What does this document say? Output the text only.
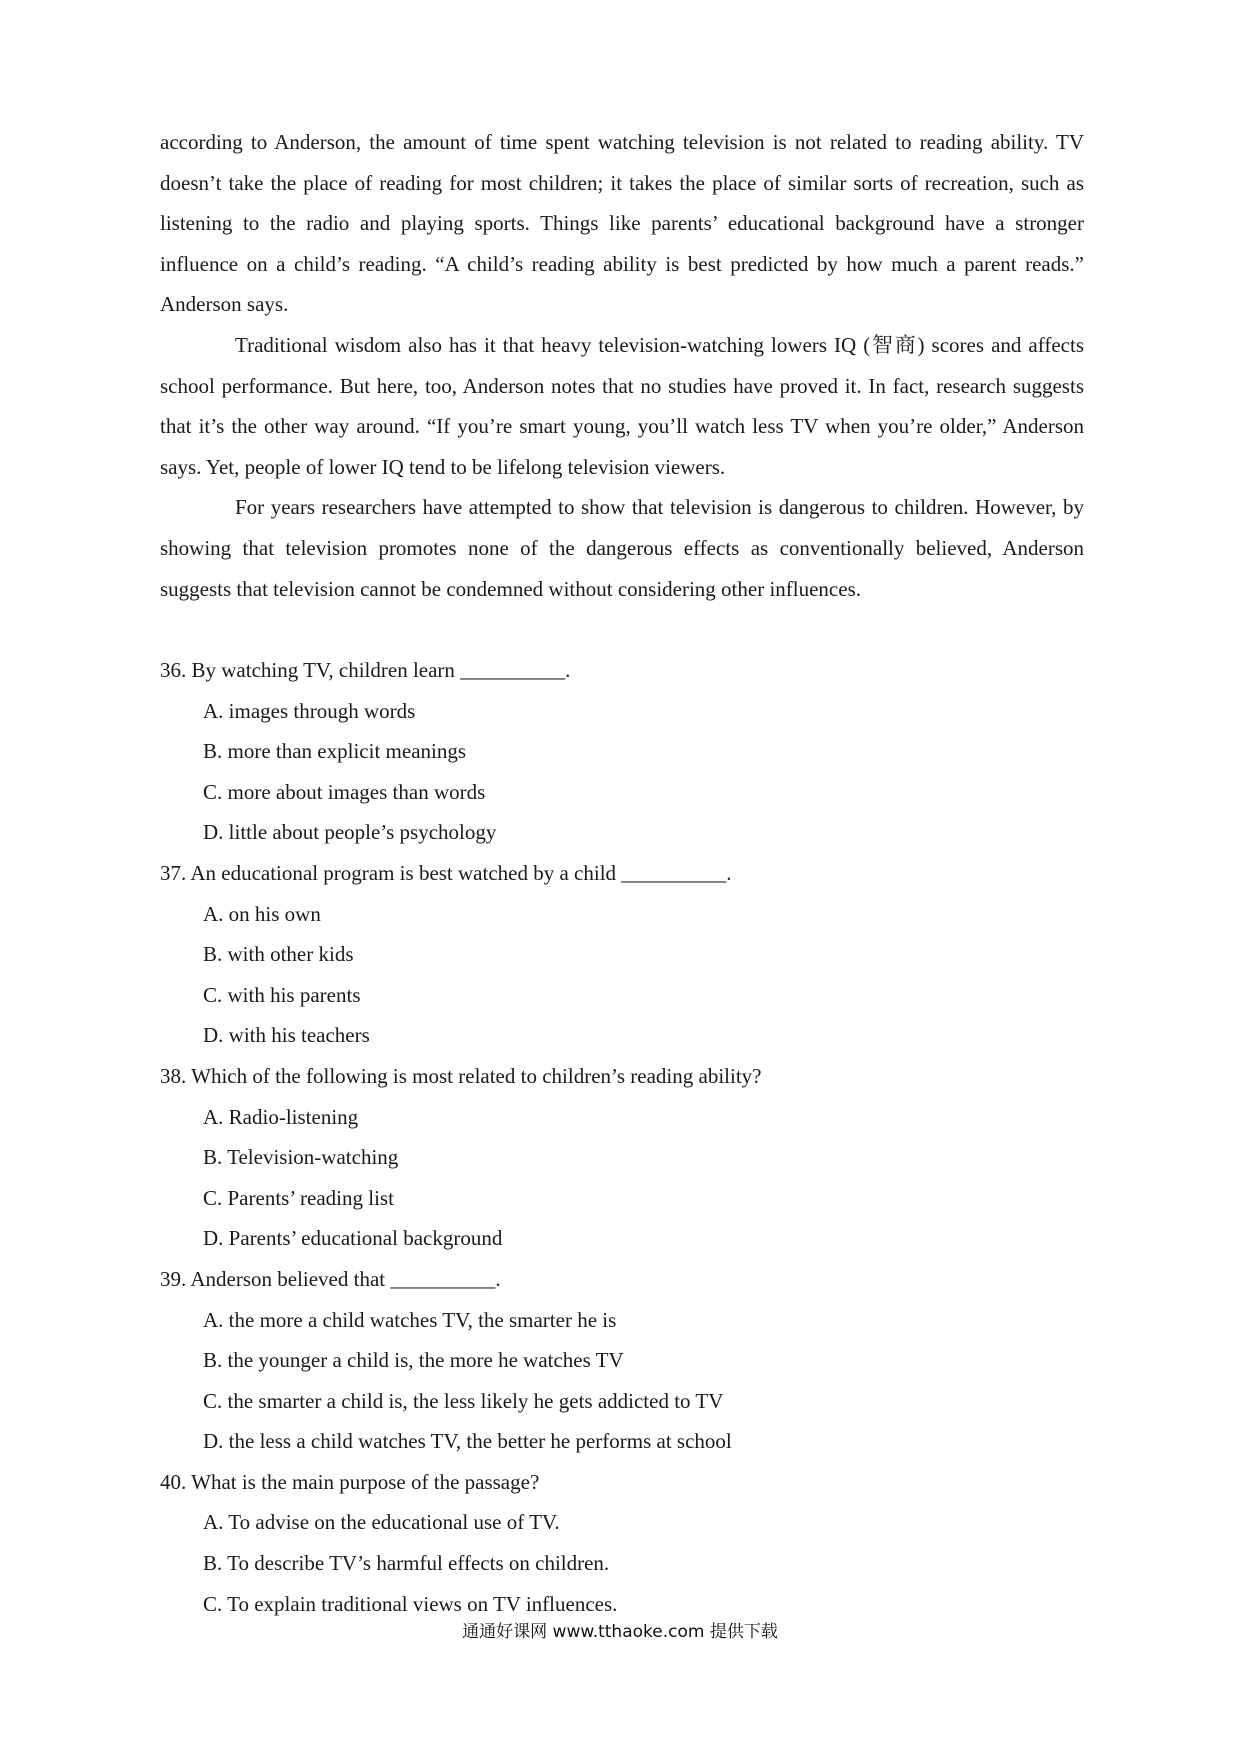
according to Anderson, the amount of time spent watching television is not related to reading ability. TV doesn’t take the place of reading for most children; it takes the place of similar sorts of recreation, such as listening to the radio and playing sports. Things like parents’ educational background have a stronger influence on a child’s reading. “A child’s reading ability is best predicted by how much a parent reads.” Anderson says.

Traditional wisdom also has it that heavy television-watching lowers IQ (智商) scores and affects school performance. But here, too, Anderson notes that no studies have proved it. In fact, research suggests that it’s the other way around. “If you’re smart young, you’ll watch less TV when you’re older,” Anderson says. Yet, people of lower IQ tend to be lifelong television viewers.

For years researchers have attempted to show that television is dangerous to children. However, by showing that television promotes none of the dangerous effects as conventionally believed, Anderson suggests that television cannot be condemned without considering other influences.

36. By watching TV, children learn __________.
A. images through words
B. more than explicit meanings
C. more about images than words
D. little about people’s psychology
37. An educational program is best watched by a child __________.
A. on his own
B. with other kids
C. with his parents
D. with his teachers
38. Which of the following is most related to children’s reading ability?
A. Radio-listening
B. Television-watching
C. Parents’ reading list
D. Parents’ educational background
39. Anderson believed that __________.
A. the more a child watches TV, the smarter he is
B. the younger a child is, the more he watches TV
C. the smarter a child is, the less likely he gets addicted to TV
D. the less a child watches TV, the better he performs at school
40. What is the main purpose of the passage?
A. To advise on the educational use of TV.
B. To describe TV’s harmful effects on children.
C. To explain traditional views on TV influences.
通通好课网 www.tthaoke.com 提供下载
